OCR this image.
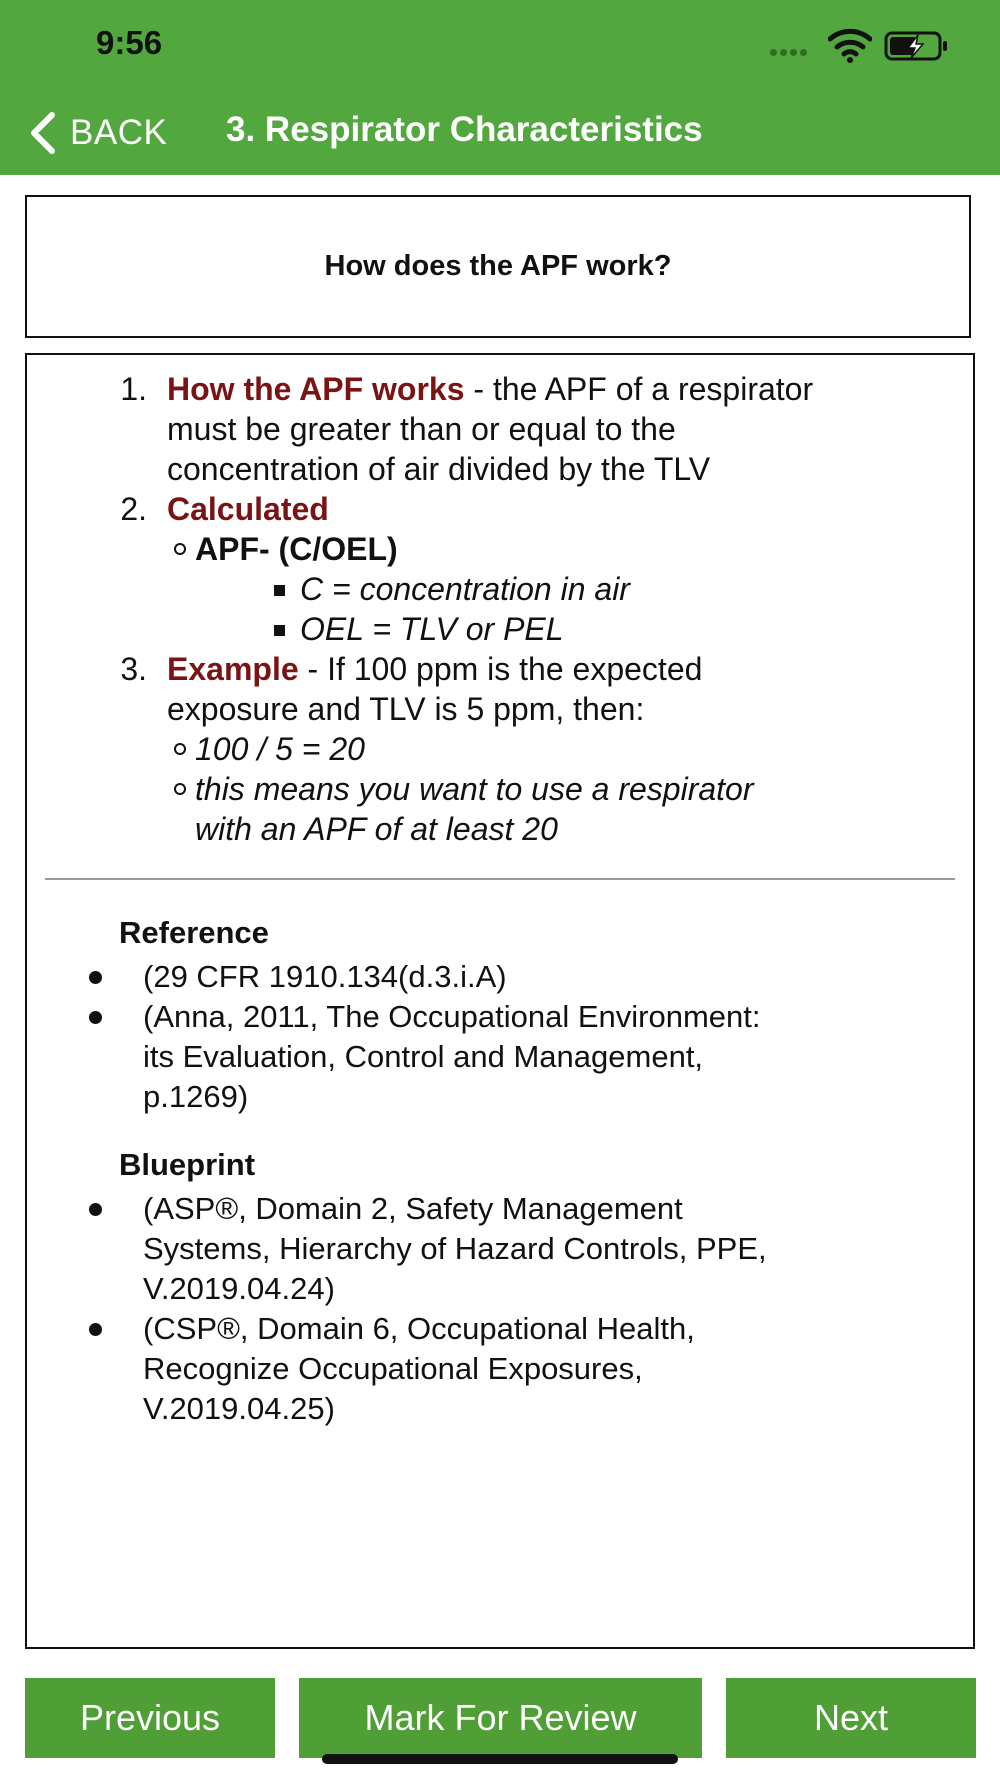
9:56
BACK 3. Respirator Characteristics
How does the APF work?
1. How the APF works - the APF of a respirator
must be greater than or equal to the
concentration of air divided by the TLV
2. Calculated
APF- (C/OEL)
C = concentration in air
OEL = TLV or PEL
3. Example - If 100 ppm is the expected
exposure and TLV is 5 ppm, then:
100 / 5 = 20
this means you want to use a respirator
with an APF of at least 20
Reference
(29 CFR 1910.134(d.3.i.A)
(Anna, 2011, The Occupational Environment:
its Evaluation, Control and Management,
p.1269)
Blueprint
(ASP®, Domain 2, Safety Management
Systems, Hierarchy of Hazard Controls, PPE,
V.2019.04.24)
(CSP®, Domain 6, Occupational Health,
Recognize Occupational Exposures,
V.2019.04.25)
Previous	Mark For Review	Next
